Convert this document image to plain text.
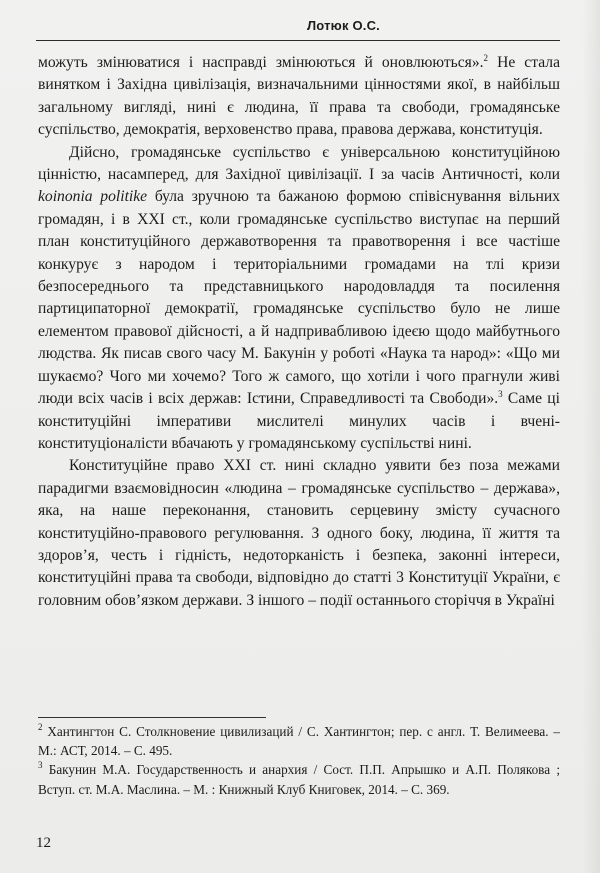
Лотюк О.С.

можуть змінюватися і насправді змінюються й оновлюються».$^2$ Не стала винятком і Західна цивілізація, визначальними цінностями якої, в найбільш загальному вигляді, нині є людина, її права та свободи, громадянське суспільство, демократія, верховенство права, правова держава, конституція.

Дійсно, громадянське суспільство є універсальною конституційною цінністю, насамперед, для Західної цивілізації. І за часів Античності, коли koinonia politike була зручною та бажаною формою співіснування вільних громадян, і в XXI ст., коли громадянське суспільство виступає на перший план конституційного державотворення та правотворення і все частіше конкурує з народом і територіальними громадами на тлі кризи безпосереднього та представницького народовладдя та посилення партиципаторної демократії, громадянське суспільство було не лише елементом правової дійсності, а й надпривабливою ідеєю щодо майбутнього людства. Як писав свого часу М. Бакунін у роботі «Наука та народ»: «Що ми шукаємо? Чого ми хочемо? Того ж самого, що хотіли і чого прагнули живі люди всіх часів і всіх держав: Істини, Справедливості та Свободи».$^3$ Саме ці конституційні імперативи мислителі минулих часів і вчені-конституціоналісти вбачають у громадянському суспільстві нині.

Конституційне право XXI ст. нині складно уявити без поза межами парадигми взаємовідносин «людина – громадянське суспільство – держава», яка, на наше переконання, становить серцевину змісту сучасного конституційно-правового регулювання. З одного боку, людина, її життя та здоров’я, честь і гідність, недоторканість і безпека, законні інтереси, конституційні права та свободи, відповідно до статті 3 Конституції України, є головним обов’язком держави. З іншого – події останнього сторіччя в Україні

$^2$ Хантингтон С. Столкновение цивилизаций / С. Хантингтон; пер. с англ. Т. Велимеева. – М.: АСТ, 2014. – С. 495.

$^3$ Бакунин М.А. Государственность и анархия / Сост. П.П. Апрышко и А.П. Полякова ; Вступ. ст. М.А. Маслина. – М. : Книжный Клуб Книговек, 2014. – С. 369.

12
